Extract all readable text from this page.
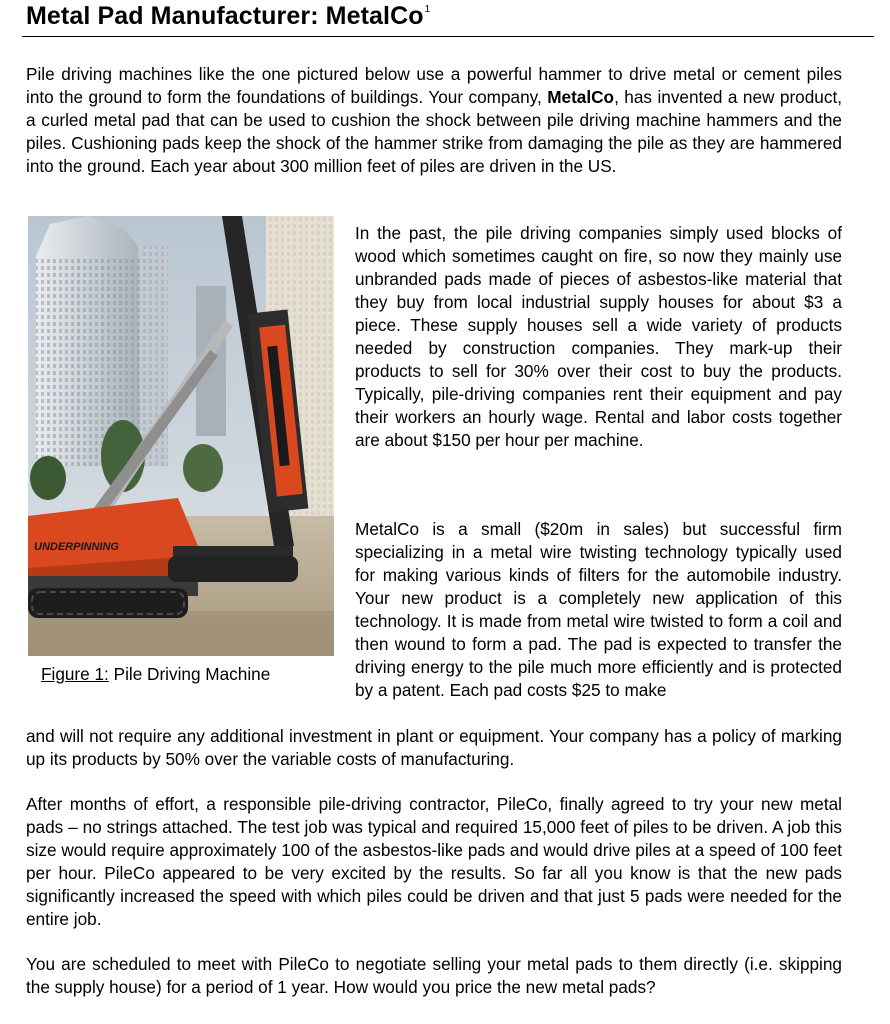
Metal Pad Manufacturer: MetalCo$^1$
Pile driving machines like the one pictured below use a powerful hammer to drive metal or cement piles into the ground to form the foundations of buildings. Your company, MetalCo, has invented a new product, a curled metal pad that can be used to cushion the shock between pile driving machine hammers and the piles. Cushioning pads keep the shock of the hammer strike from damaging the pile as they are hammered into the ground. Each year about 300 million feet of piles are driven in the US.
UNDERPINNING
Figure 1: Pile Driving Machine
In the past, the pile driving companies simply used blocks of wood which sometimes caught on fire, so now they mainly use unbranded pads made of pieces of asbestos-like material that they buy from local industrial supply houses for about $3 a piece. These supply houses sell a wide variety of products needed by construction companies. They mark-up their products to sell for 30% over their cost to buy the products. Typically, pile-driving companies rent their equipment and pay their workers an hourly wage. Rental and labor costs together are about $150 per hour per machine.
MetalCo is a small ($20m in sales) but successful firm specializing in a metal wire twisting technology typically used for making various kinds of filters for the automobile industry. Your new product is a completely new application of this technology. It is made from metal wire twisted to form a coil and then wound to form a pad. The pad is expected to transfer the driving energy to the pile much more efficiently and is protected by a patent. Each pad costs $25 to make
and will not require any additional investment in plant or equipment. Your company has a policy of marking up its products by 50% over the variable costs of manufacturing.
After months of effort, a responsible pile-driving contractor, PileCo, finally agreed to try your new metal pads – no strings attached. The test job was typical and required 15,000 feet of piles to be driven. A job this size would require approximately 100 of the asbestos-like pads and would drive piles at a speed of 100 feet per hour. PileCo appeared to be very excited by the results. So far all you know is that the new pads significantly increased the speed with which piles could be driven and that just 5 pads were needed for the entire job.
You are scheduled to meet with PileCo to negotiate selling your metal pads to them directly (i.e. skipping the supply house) for a period of 1 year. How would you price the new metal pads?
